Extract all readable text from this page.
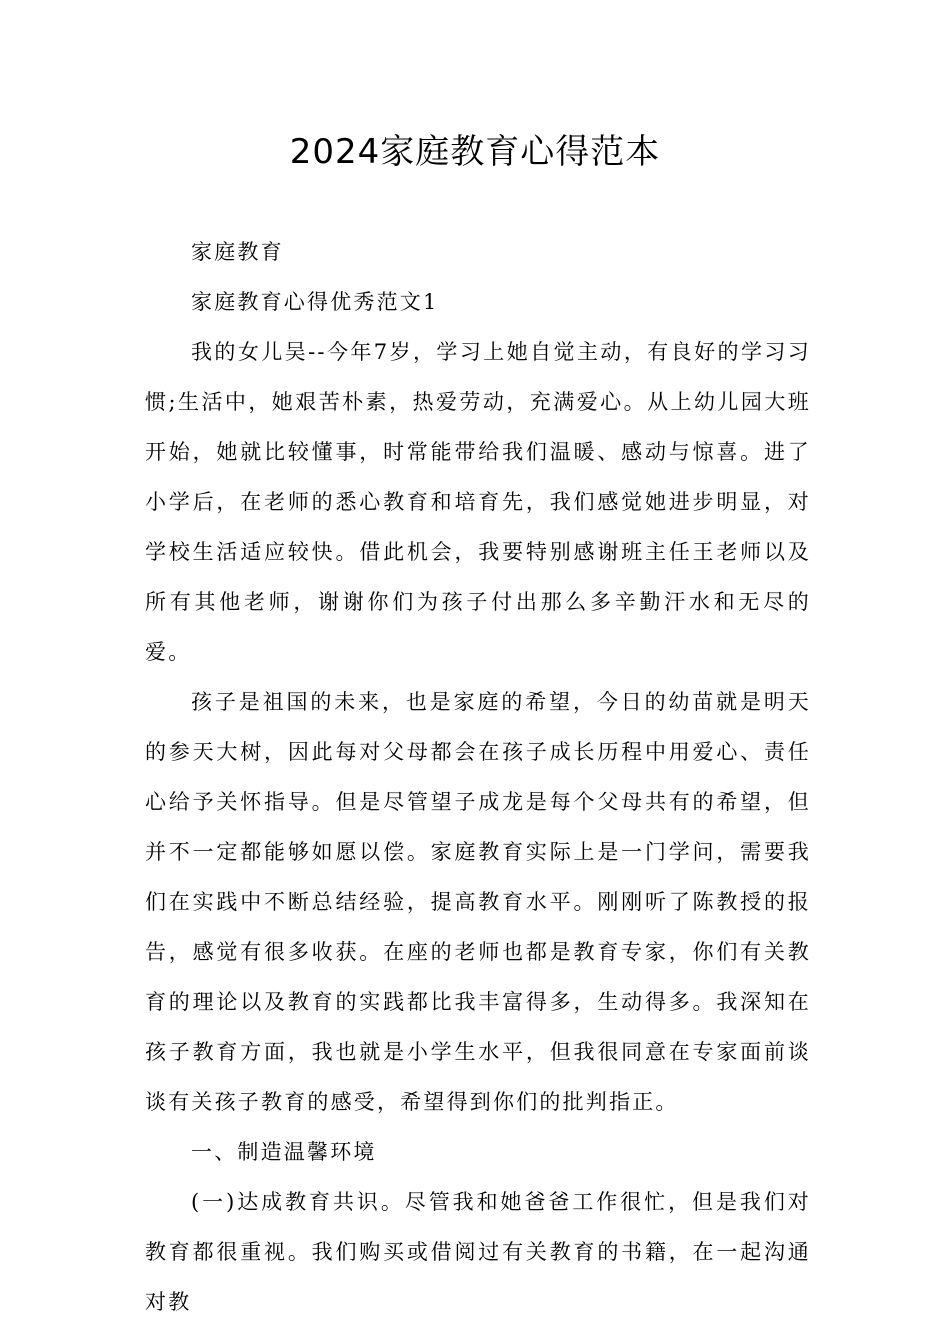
2024家庭教育心得范本

家庭教育

家庭教育心得优秀范文1

我的女儿吴--今年7岁，学习上她自觉主动，有良好的学习习惯;生活中，她艰苦朴素，热爱劳动，充满爱心。从上幼儿园大班开始，她就比较懂事，时常能带给我们温暖、感动与惊喜。进了小学后，在老师的悉心教育和培育先，我们感觉她进步明显，对学校生活适应较快。借此机会，我要特别感谢班主任王老师以及所有其他老师，谢谢你们为孩子付出那么多辛勤汗水和无尽的爱。

孩子是祖国的未来，也是家庭的希望，今日的幼苗就是明天的参天大树，因此每对父母都会在孩子成长历程中用爱心、责任心给予关怀指导。但是尽管望子成龙是每个父母共有的希望，但并不一定都能够如愿以偿。家庭教育实际上是一门学问，需要我们在实践中不断总结经验，提高教育水平。刚刚听了陈教授的报告，感觉有很多收获。在座的老师也都是教育专家，你们有关教育的理论以及教育的实践都比我丰富得多，生动得多。我深知在孩子教育方面，我也就是小学生水平，但我很同意在专家面前谈谈有关孩子教育的感受，希望得到你们的批判指正。

一、制造温馨环境

(一)达成教育共识。尽管我和她爸爸工作很忙，但是我们对教育都很重视。我们购买或借阅过有关教育的书籍，在一起沟通对教
